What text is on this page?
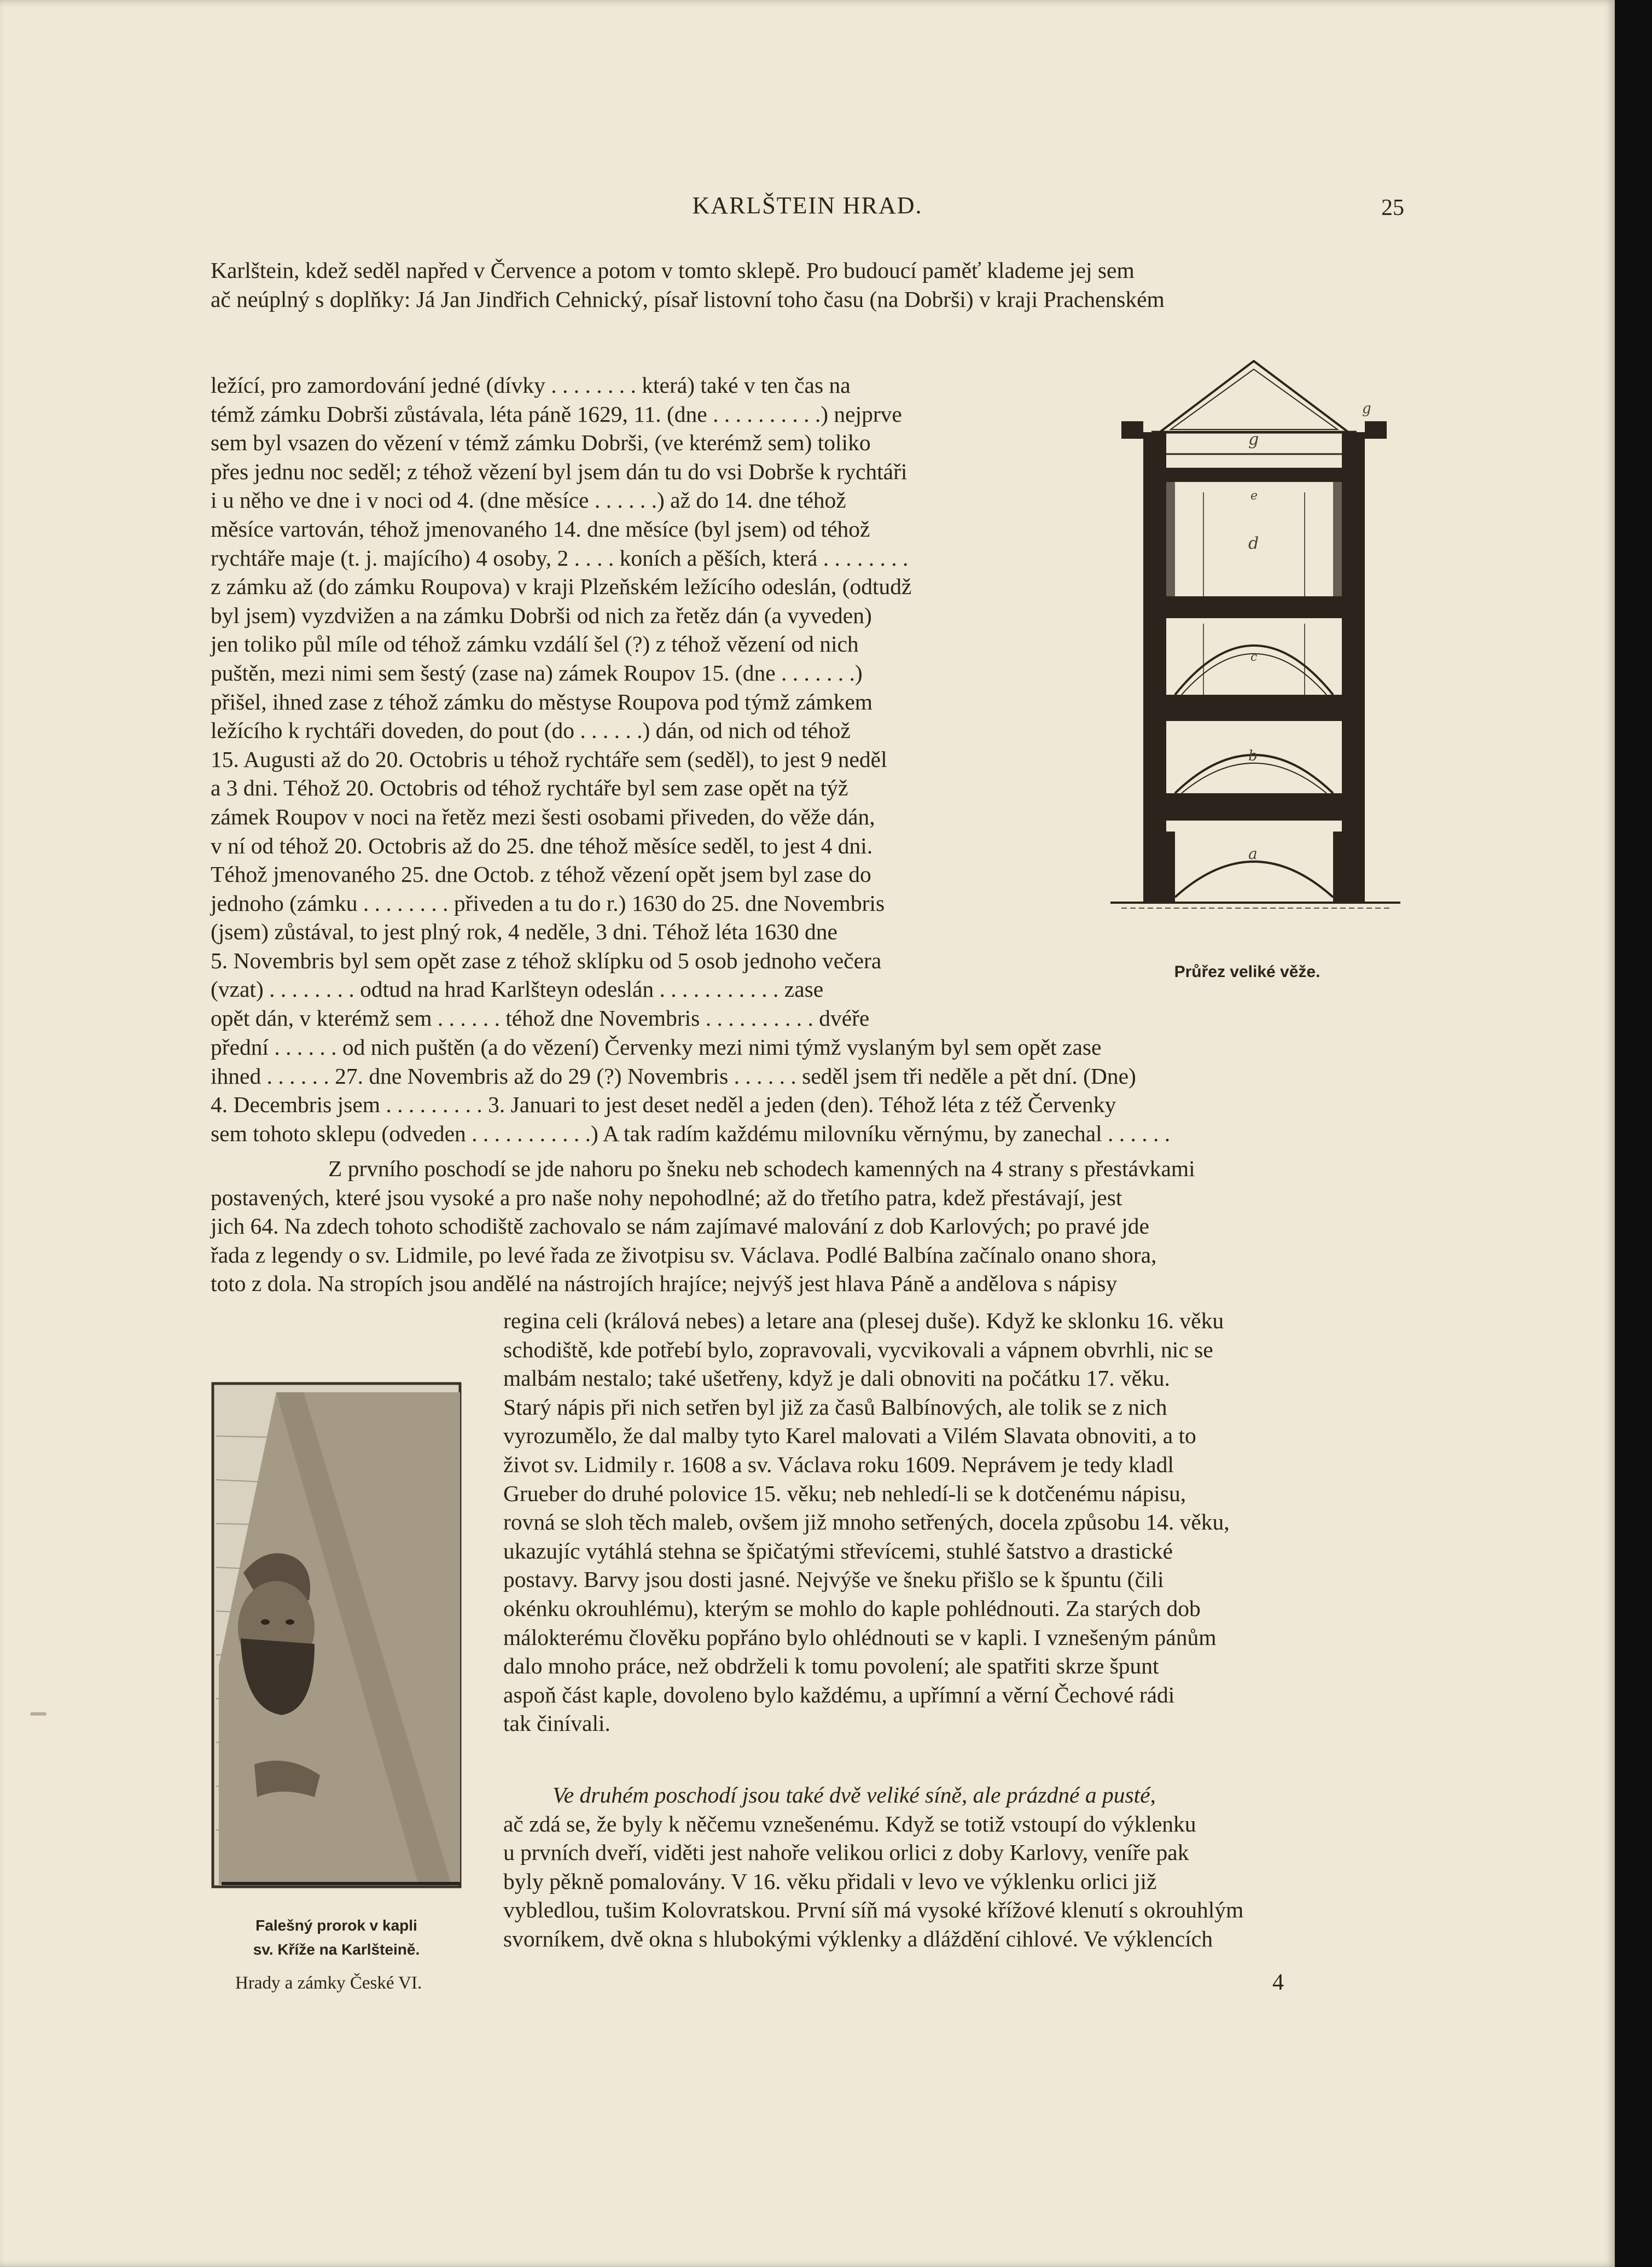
KARLŠTEIN HRAD.	25
Karlštein, kdež seděl napřed v Července a potom v tomto sklepě. Pro budoucí paměť klademe jej sem
ač neúplný s doplňky: Já Jan Jindřich Cehnický, písař listovní toho času (na Dobrši) v kraji Prachenském
ležící, pro zamordování jedné (dívky . . . . . . . . která) také v ten čas na
témž zámku Dobrši zůstávala, léta páně 1629, 11. (dne . . . . . . . . . .) nejprve
sem byl vsazen do vězení v témž zámku Dobrši, (ve kterémž sem) toliko
přes jednu noc seděl; z téhož vězení byl jsem dán tu do vsi Dobrše k rychtáři
i u něho ve dne i v noci od 4. (dne měsíce . . . . . .) až do 14. dne téhož
měsíce vartován, téhož jmenovaného 14. dne měsíce (byl jsem) od téhož
rychtáře maje (t. j. majícího) 4 osoby, 2 . . . . koních a pěších, která . . . . . . . .
z zámku až (do zámku Roupova) v kraji Plzeňském ležícího odeslán, (odtudž
byl jsem) vyzdvižen a na zámku Dobrši od nich za řetěz dán (a vyveden)
jen toliko půl míle od téhož zámku vzdálí šel (?) z téhož vězení od nich
puštěn, mezi nimi sem šestý (zase na) zámek Roupov 15. (dne . . . . . . .)
přišel, ihned zase z téhož zámku do městyse Roupova pod týmž zámkem
ležícího k rychtáři doveden, do pout (do . . . . . .) dán, od nich od téhož
15. Augusti až do 20. Octobris u téhož rychtáře sem (seděl), to jest 9 neděl
a 3 dni. Téhož 20. Octobris od téhož rychtáře byl sem zase opět na týž
zámek Roupov v noci na řetěz mezi šesti osobami přiveden, do věže dán,
v ní od téhož 20. Octobris až do 25. dne téhož měsíce seděl, to jest 4 dni.
Téhož jmenovaného 25. dne Octob. z téhož vězení opět jsem byl zase do
jednoho (zámku . . . . . . . . přiveden a tu do r.) 1630 do 25. dne Novembris
(jsem) zůstával, to jest plný rok, 4 neděle, 3 dni. Téhož léta 1630 dne
5. Novembris byl sem opět zase z téhož sklípku od 5 osob jednoho večera
(vzat) . . . . . . . . odtud na hrad Karlšteyn odeslán . . . . . . . . . . . zase
opět dán, v kterémž sem . . . . . . téhož dne Novembris . . . . . . . . . . dvéře
přední . . . . . . od nich puštěn (a do vězení) Červenky mezi nimi týmž vyslaným byl sem opět zase
ihned . . . . . . 27. dne Novembris až do 29 (?) Novembris . . . . . . seděl jsem tři neděle a pět dní. (Dne)
4. Decembris jsem . . . . . . . . . 3. Januari to jest deset neděl a jeden (den). Téhož léta z též Červenky
sem tohoto sklepu (odveden . . . . . . . . . . .) A tak radím každému milovníku věrnýmu, by zanechal . . . . . .
Z prvního poschodí se jde nahoru po šneku neb schodech kamenných na 4 strany s přestávkami
postavených, které jsou vysoké a pro naše nohy nepohodlné; až do třetího patra, kdež přestávají, jest
jich 64. Na zdech tohoto schodiště zachovalo se nám zajímavé malování z dob Karlových; po pravé jde
řada z legendy o sv. Lidmile, po levé řada ze životpisu sv. Václava. Podlé Balbína začínalo onano shora,
toto z dola. Na stropích jsou andělé na nástrojích hrajíce; nejvýš jest hlava Páně a andělova s nápisy
regina celi (králová nebes) a letare ana (plesej duše). Když ke sklonku 16. věku
schodiště, kde potřebí bylo, zopravovali, vycvikovali a vápnem obvrhli, nic se
malbám nestalo; také ušetřeny, když je dali obnoviti na počátku 17. věku.
Starý nápis při nich setřen byl již za časů Balbínových, ale tolik se z nich
vyrozumělo, že dal malby tyto Karel malovati a Vilém Slavata obnoviti, a to
život sv. Lidmily r. 1608 a sv. Václava roku 1609. Neprávem je tedy kladl
Grueber do druhé polovice 15. věku; neb nehledí-li se k dotčenému nápisu,
rovná se sloh těch maleb, ovšem již mnoho setřených, docela způsobu 14. věku,
ukazujíc vytáhlá stehna se špičatými střevícemi, stuhlé šatstvo a drastické
postavy. Barvy jsou dosti jasné. Nejvýše ve šneku přišlo se k špuntu (čili
okénku okrouhlému), kterým se mohlo do kaple pohlédnouti. Za starých dob
málokterému člověku popřáno bylo ohlédnouti se v kapli. I vznešeným pánům
dalo mnoho práce, než obdrželi k tomu povolení; ale spatřiti skrze špunt
aspoň část kaple, dovoleno bylo každému, a upřímní a věrní Čechové rádi
tak činívali.
Ve druhém poschodí jsou také dvě veliké síně, ale prázdné a pusté,
ač zdá se, že byly k něčemu vznešenému. Když se totiž vstoupí do výklenku
u prvních dveří, viděti jest nahoře velikou orlici z doby Karlovy, veníře pak
byly pěkně pomalovány. V 16. věku přidali v levo ve výklenku orlici již
vybledlou, tušim Kolovratskou. První síň má vysoké křížové klenutí s okrouhlým
svorníkem, dvě okna s hlubokými výklenky a dláždění cihlové. Ve výklencích
g
g
e
d
c
b
a
Průřez veliké věže.
Falešný prorok v kapli
sv. Kříže na Karlšteině.
Hrady a zámky České VI.	4
